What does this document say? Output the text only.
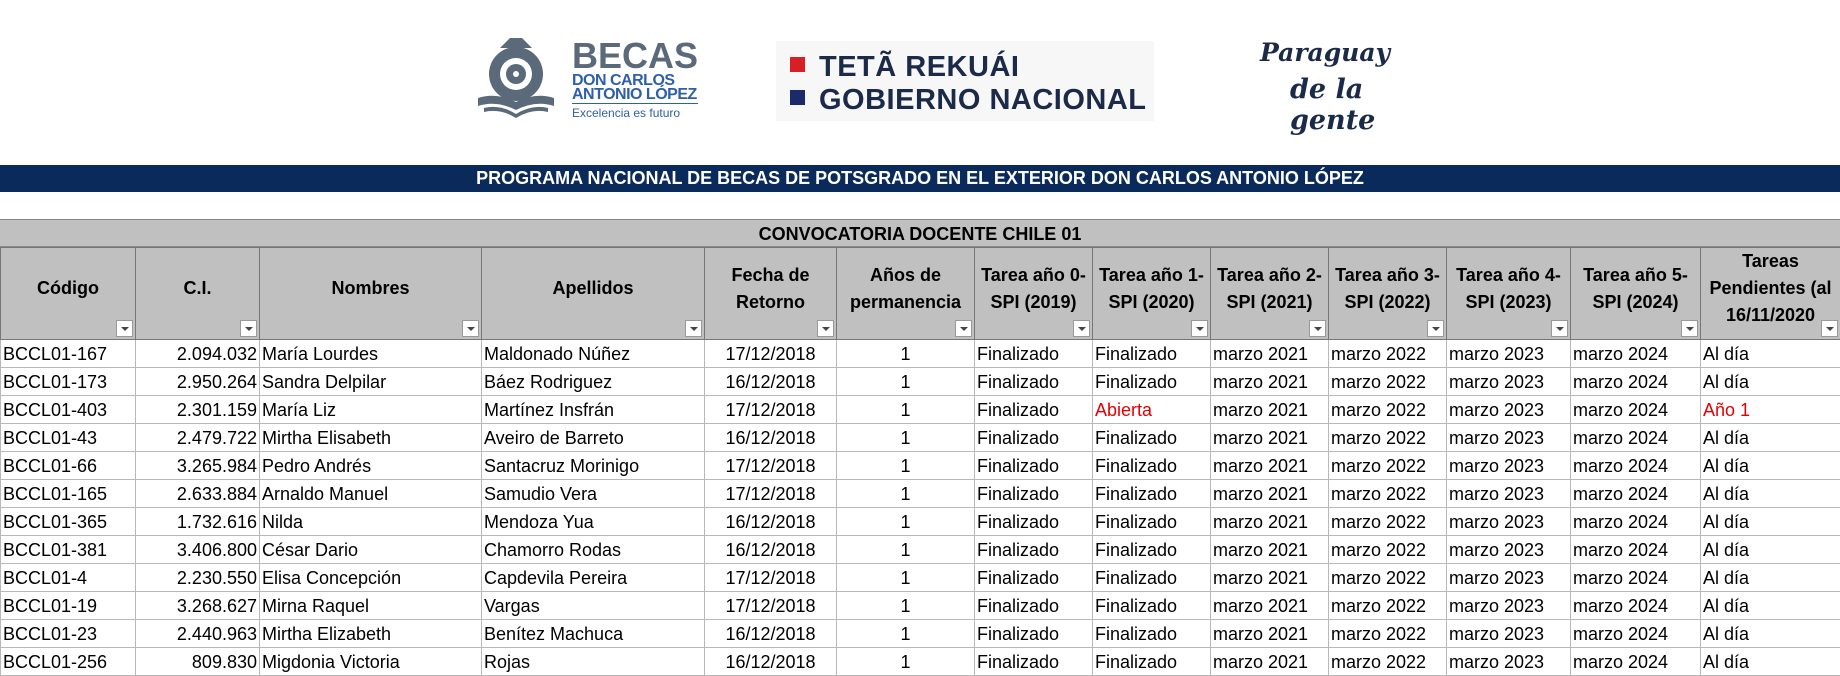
BECAS
DON CARLOS
ANTONIO LÓPEZ
Excelencia es futuro
TETÃ REKUÁI
GOBIERNO NACIONAL
Paraguay
de la gente
PROGRAMA NACIONAL DE BECAS DE POTSGRADO EN EL EXTERIOR DON CARLOS ANTONIO LÓPEZ
CONVOCATORIA DOCENTE CHILE 01
Código	C.I.	Nombres	Apellidos	Fecha de Retorno	Años de permanencia	Tarea año 0- SPI (2019)	Tarea año 1- SPI (2020)	Tarea año 2- SPI (2021)	Tarea año 3- SPI (2022)	Tarea año 4- SPI (2023)	Tarea año 5- SPI (2024)	Tareas Pendientes (al 16/11/2020

BCCL01-167	2.094.032	María Lourdes	Maldonado Núñez	17/12/2018	1	Finalizado	Finalizado	marzo 2021	marzo 2022	marzo 2023	marzo 2024	Al día
BCCL01-173	2.950.264	Sandra Delpilar	Báez Rodriguez	16/12/2018	1	Finalizado	Finalizado	marzo 2021	marzo 2022	marzo 2023	marzo 2024	Al día
BCCL01-403	2.301.159	María Liz	Martínez Insfrán	17/12/2018	1	Finalizado	Abierta	marzo 2021	marzo 2022	marzo 2023	marzo 2024	Año 1
BCCL01-43	2.479.722	Mirtha Elisabeth	Aveiro de Barreto	16/12/2018	1	Finalizado	Finalizado	marzo 2021	marzo 2022	marzo 2023	marzo 2024	Al día
BCCL01-66	3.265.984	Pedro Andrés	Santacruz Morinigo	17/12/2018	1	Finalizado	Finalizado	marzo 2021	marzo 2022	marzo 2023	marzo 2024	Al día
BCCL01-165	2.633.884	Arnaldo Manuel	Samudio Vera	17/12/2018	1	Finalizado	Finalizado	marzo 2021	marzo 2022	marzo 2023	marzo 2024	Al día
BCCL01-365	1.732.616	Nilda	Mendoza Yua	16/12/2018	1	Finalizado	Finalizado	marzo 2021	marzo 2022	marzo 2023	marzo 2024	Al día
BCCL01-381	3.406.800	César Dario	Chamorro Rodas	16/12/2018	1	Finalizado	Finalizado	marzo 2021	marzo 2022	marzo 2023	marzo 2024	Al día
BCCL01-4	2.230.550	Elisa Concepción	Capdevila Pereira	17/12/2018	1	Finalizado	Finalizado	marzo 2021	marzo 2022	marzo 2023	marzo 2024	Al día
BCCL01-19	3.268.627	Mirna Raquel	Vargas	17/12/2018	1	Finalizado	Finalizado	marzo 2021	marzo 2022	marzo 2023	marzo 2024	Al día
BCCL01-23	2.440.963	Mirtha Elizabeth	Benítez Machuca	16/12/2018	1	Finalizado	Finalizado	marzo 2021	marzo 2022	marzo 2023	marzo 2024	Al día
BCCL01-256	809.830	Migdonia Victoria	Rojas	16/12/2018	1	Finalizado	Finalizado	marzo 2021	marzo 2022	marzo 2023	marzo 2024	Al día
